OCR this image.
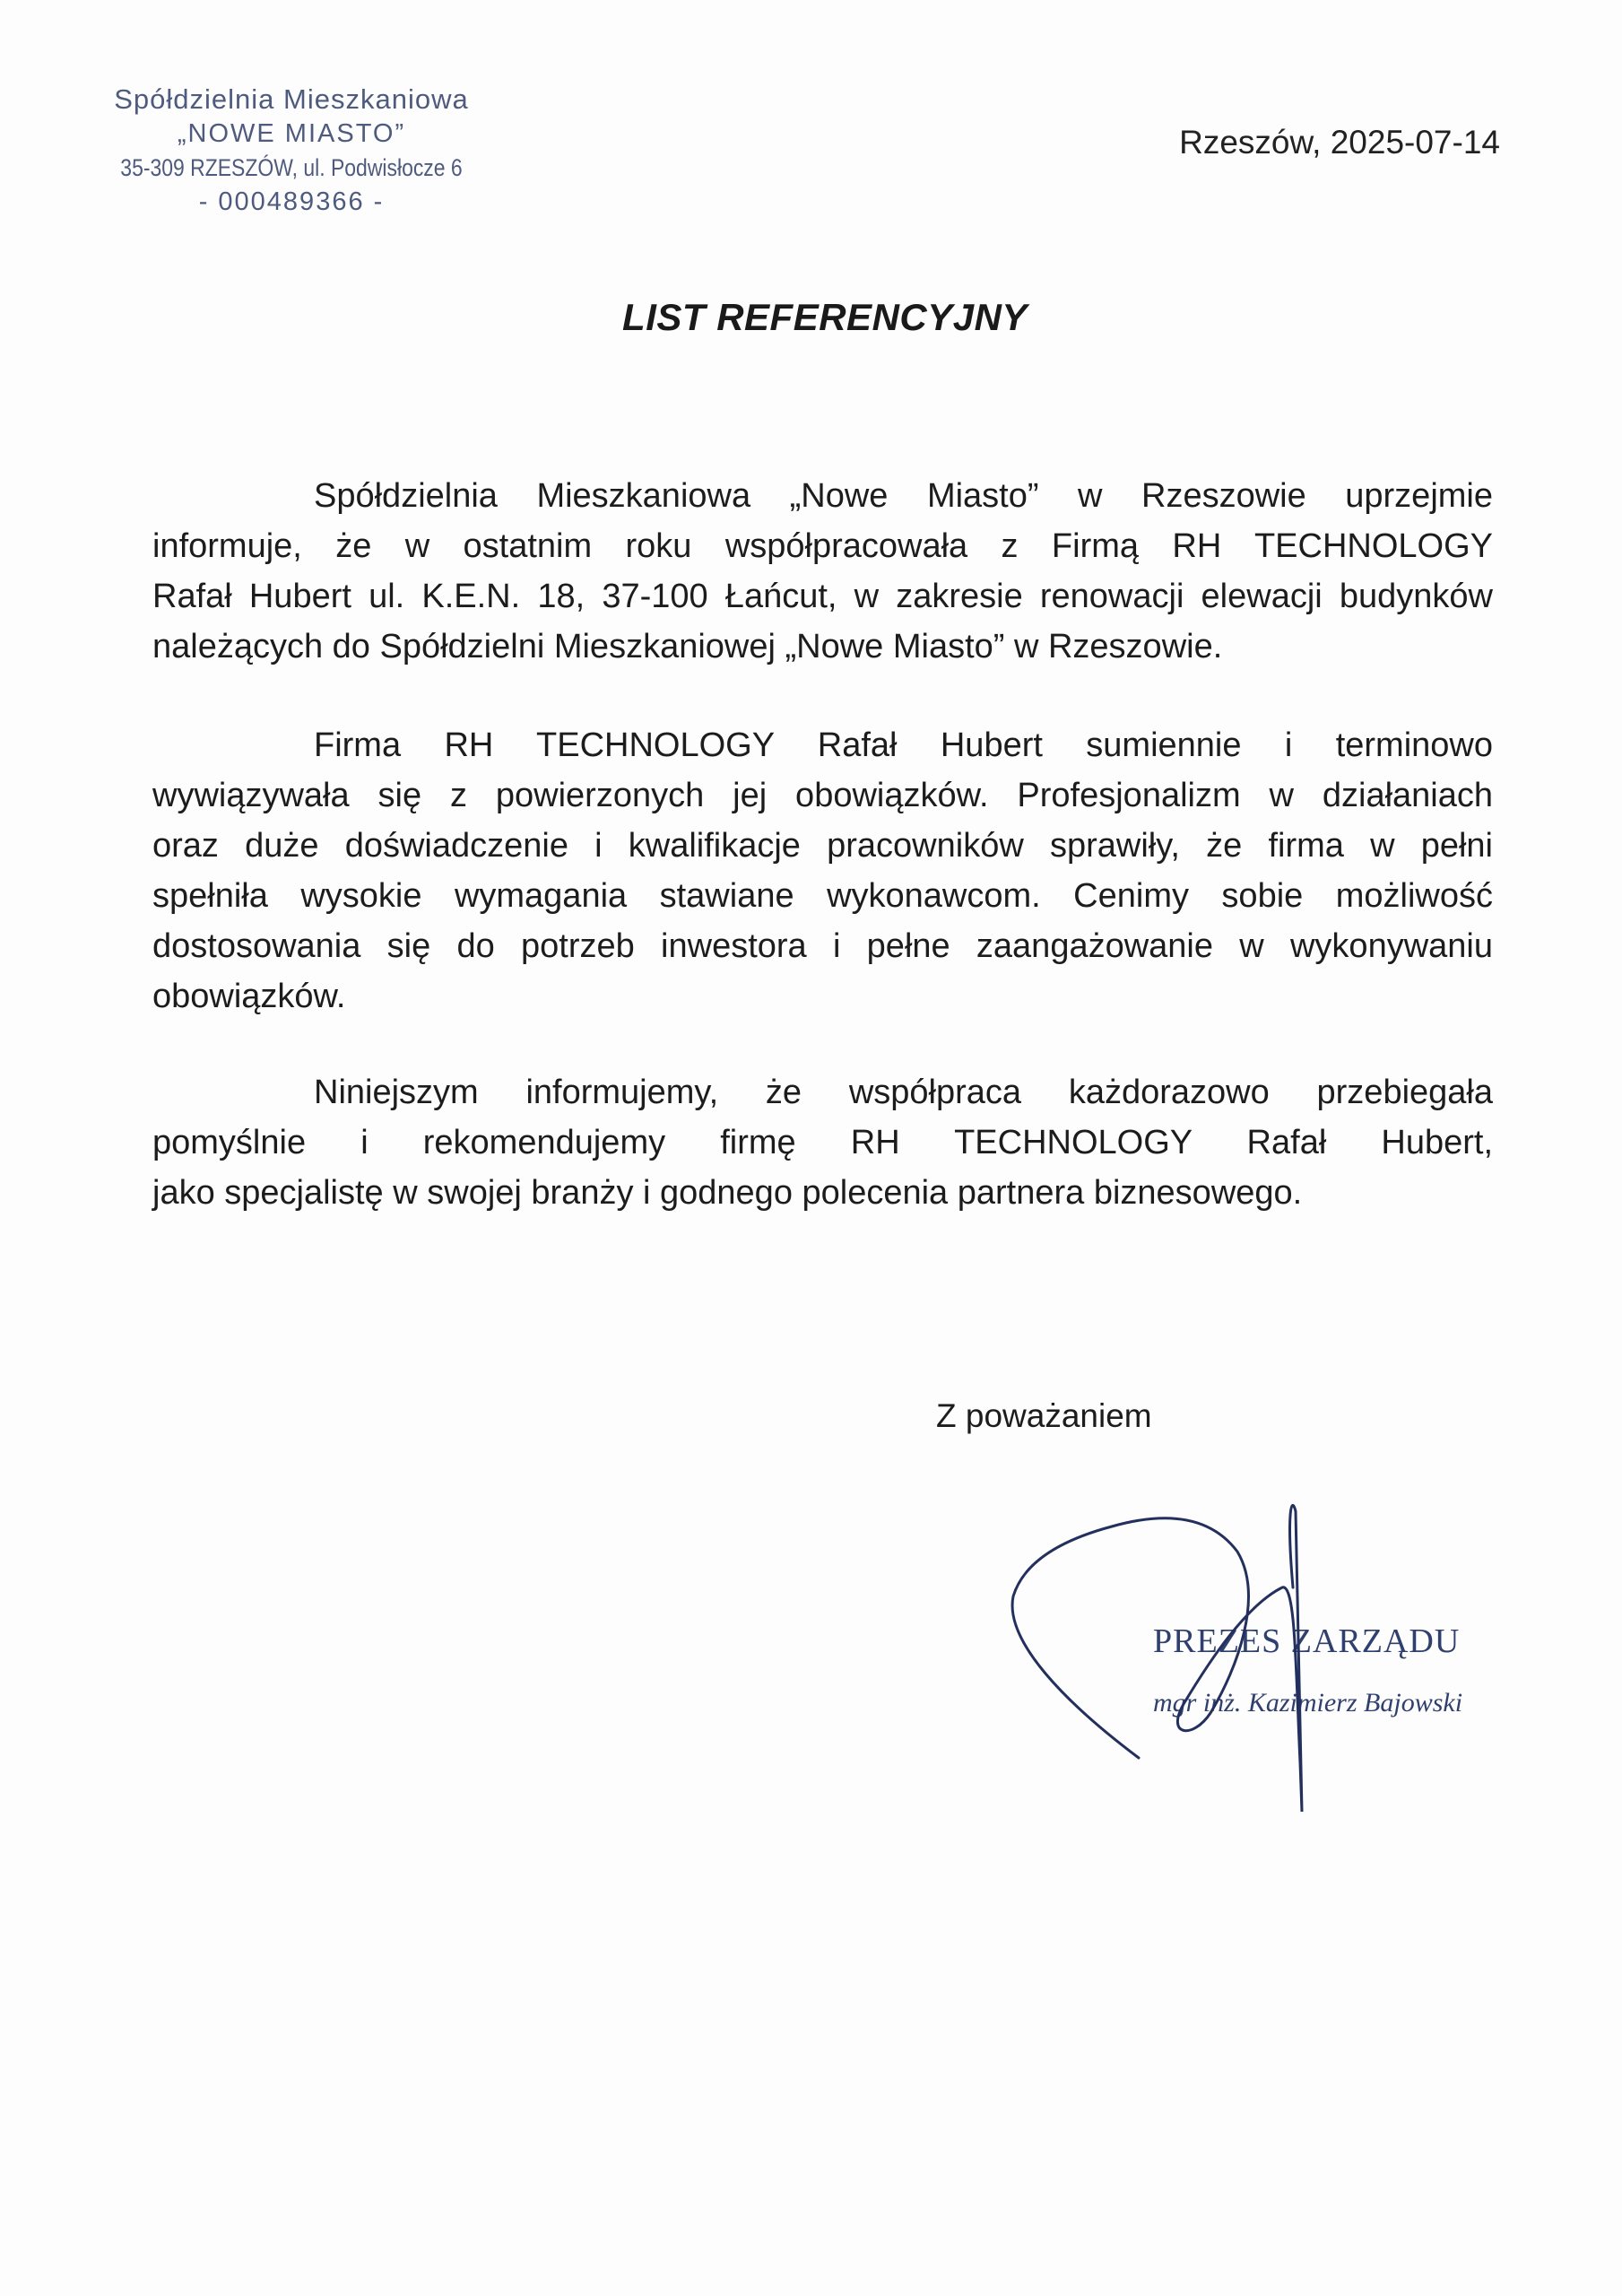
Spółdzielnia Mieszkaniowa
„NOWE MIASTO”
35-309 RZESZÓW, ul. Podwisłocze 6
- 000489366 -
Rzeszów, 2025-07-14
LIST REFERENCYJNY
Spółdzielnia Mieszkaniowa „Nowe Miasto” w Rzeszowie uprzejmie
informuje, że w ostatnim roku współpracowała z Firmą RH TECHNOLOGY
Rafał Hubert ul. K.E.N. 18, 37-100 Łańcut, w zakresie renowacji elewacji budynków
należących do Spółdzielni Mieszkaniowej „Nowe Miasto” w Rzeszowie.
Firma RH TECHNOLOGY Rafał Hubert sumiennie i terminowo
wywiązywała się z powierzonych jej obowiązków. Profesjonalizm w działaniach
oraz duże doświadczenie i kwalifikacje pracowników sprawiły, że firma w pełni
spełniła wysokie wymagania stawiane wykonawcom. Cenimy sobie możliwość
dostosowania się do potrzeb inwestora i pełne zaangażowanie w wykonywaniu
obowiązków.
Niniejszym informujemy, że współpraca każdorazowo przebiegała
pomyślnie i rekomendujemy firmę RH TECHNOLOGY Rafał Hubert,
jako specjalistę w swojej branży i godnego polecenia partnera biznesowego.
Z poważaniem
PREZES ZARZĄDU
mgr inż. Kazimierz Bajowski
